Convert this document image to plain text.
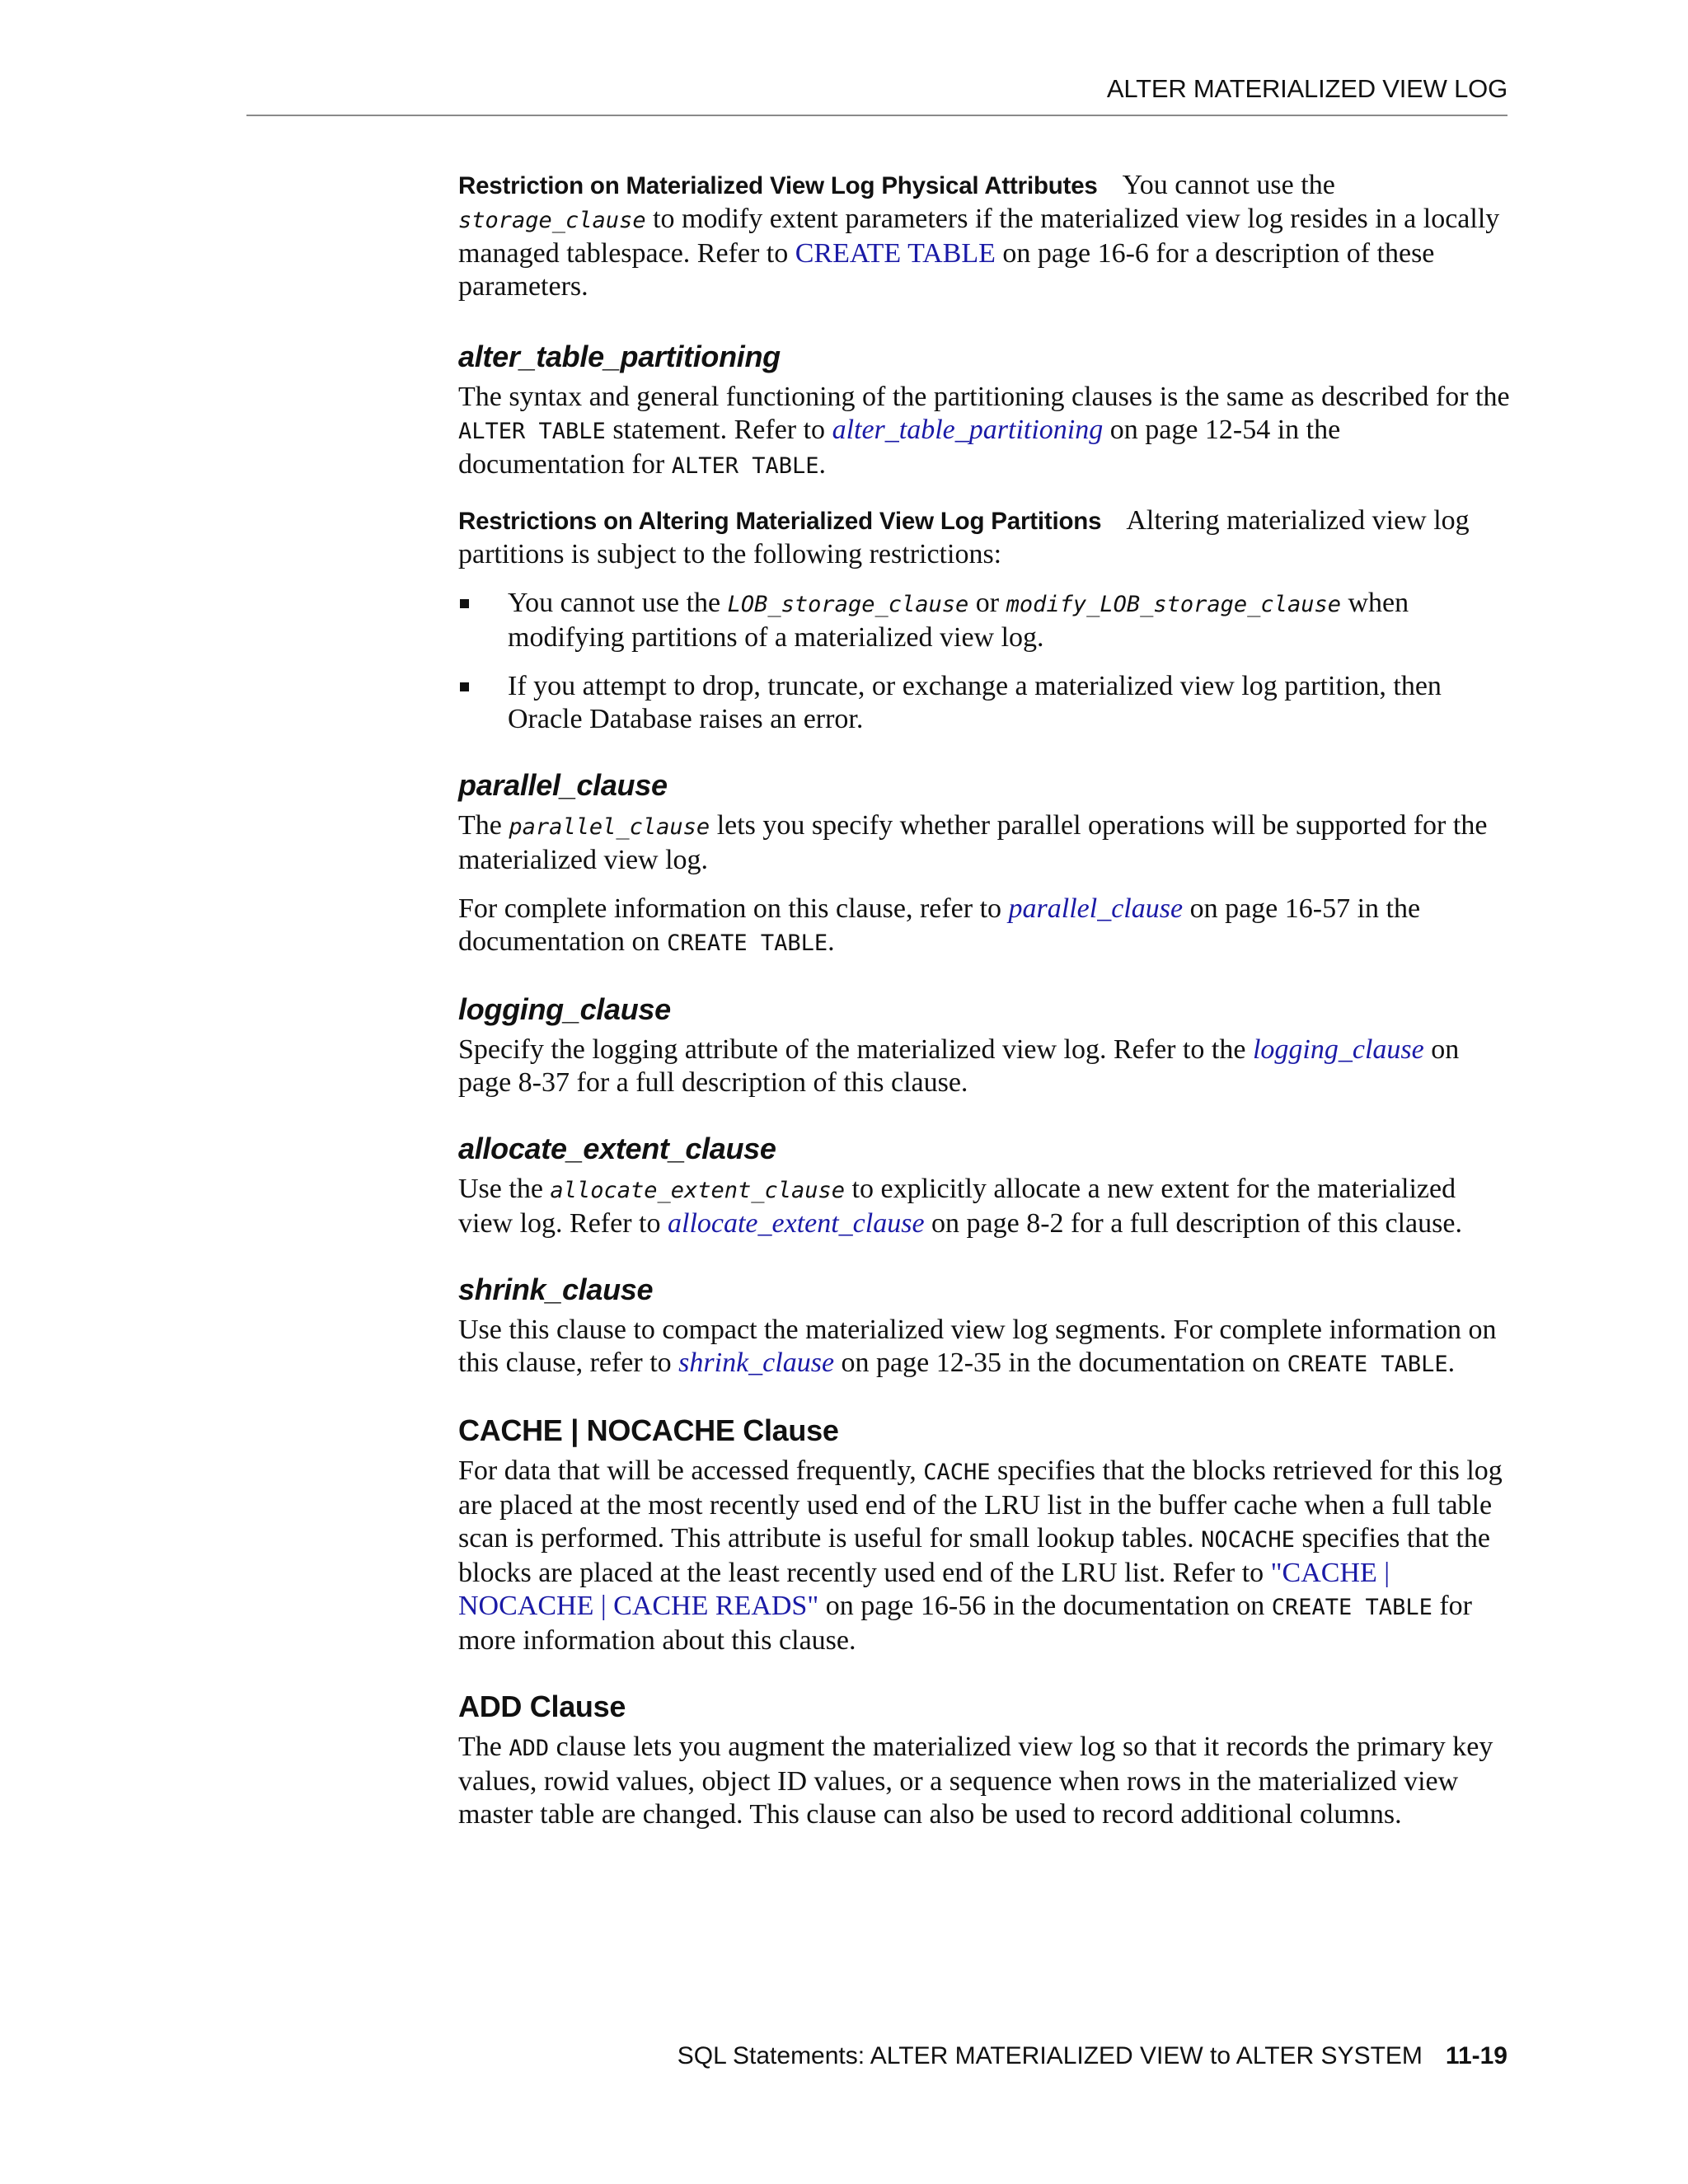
ALTER MATERIALIZED VIEW LOG

Restriction on Materialized View Log Physical Attributes You cannot use the storage_clause to modify extent parameters if the materialized view log resides in a locally managed tablespace. Refer to CREATE TABLE on page 16-6 for a description of these parameters.

alter_table_partitioning

The syntax and general functioning of the partitioning clauses is the same as described for the ALTER TABLE statement. Refer to alter_table_partitioning on page 12-54 in the documentation for ALTER TABLE.

Restrictions on Altering Materialized View Log Partitions Altering materialized view log partitions is subject to the following restrictions:

You cannot use the LOB_storage_clause or modify_LOB_storage_clause when modifying partitions of a materialized view log.
If you attempt to drop, truncate, or exchange a materialized view log partition, then Oracle Database raises an error.
parallel_clause

The parallel_clause lets you specify whether parallel operations will be supported for the materialized view log.

For complete information on this clause, refer to parallel_clause on page 16-57 in the documentation on CREATE TABLE.

logging_clause

Specify the logging attribute of the materialized view log. Refer to the logging_clause on page 8-37 for a full description of this clause.

allocate_extent_clause

Use the allocate_extent_clause to explicitly allocate a new extent for the materialized view log. Refer to allocate_extent_clause on page 8-2 for a full description of this clause.

shrink_clause

Use this clause to compact the materialized view log segments. For complete information on this clause, refer to shrink_clause on page 12-35 in the documentation on CREATE TABLE.

CACHE | NOCACHE Clause

For data that will be accessed frequently, CACHE specifies that the blocks retrieved for this log are placed at the most recently used end of the LRU list in the buffer cache when a full table scan is performed. This attribute is useful for small lookup tables. NOCACHE specifies that the blocks are placed at the least recently used end of the LRU list. Refer to "CACHE | NOCACHE | CACHE READS" on page 16-56 in the documentation on CREATE TABLE for more information about this clause.

ADD Clause

The ADD clause lets you augment the materialized view log so that it records the primary key values, rowid values, object ID values, or a sequence when rows in the materialized view master table are changed. This clause can also be used to record additional columns.

SQL Statements: ALTER MATERIALIZED VIEW to ALTER SYSTEM 11-19
